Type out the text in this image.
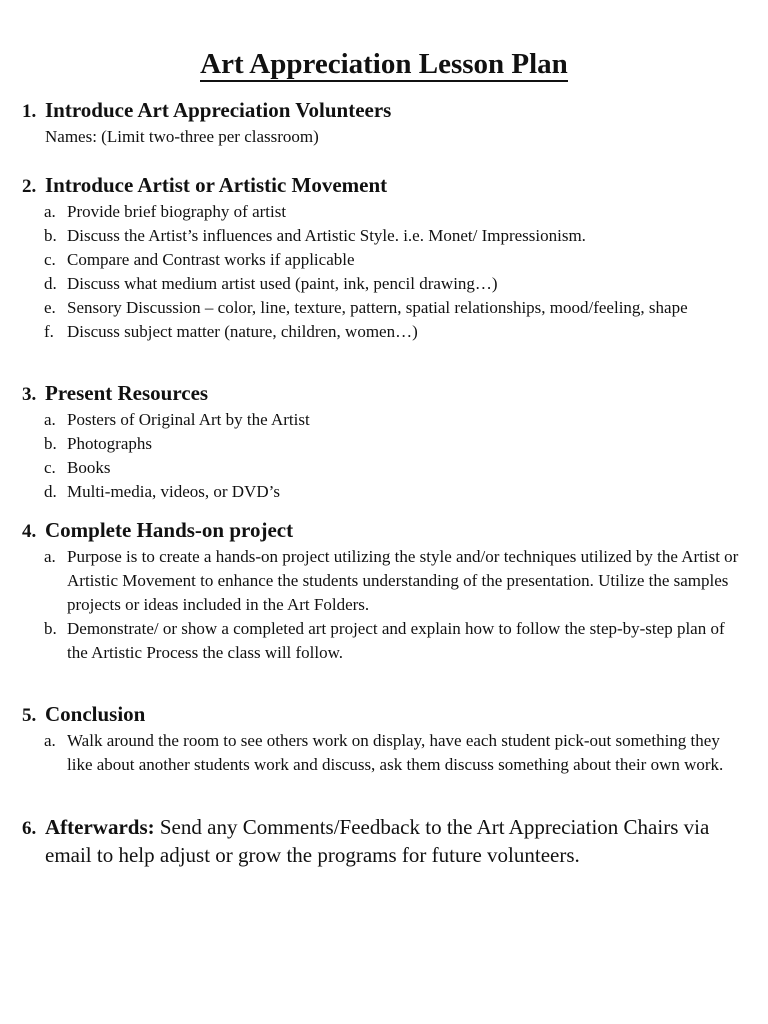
Art Appreciation Lesson Plan
1. Introduce Art Appreciation Volunteers
Names: (Limit two-three per classroom)
2. Introduce Artist or Artistic Movement
a. Provide brief biography of artist
b. Discuss the Artist’s influences and Artistic Style. i.e. Monet/ Impressionism.
c. Compare and Contrast works if applicable
d. Discuss what medium artist used (paint, ink, pencil drawing…)
e. Sensory Discussion – color, line, texture, pattern, spatial relationships, mood/feeling, shape
f. Discuss subject matter (nature, children, women…)
3. Present Resources
a. Posters of Original Art by the Artist
b. Photographs
c. Books
d. Multi-media, videos, or DVD’s
4. Complete Hands-on project
a. Purpose is to create a hands-on project utilizing the style and/or techniques utilized by the Artist or Artistic Movement to enhance the students understanding of the presentation. Utilize the samples projects or ideas included in the Art Folders.
b. Demonstrate/ or show a completed art project and explain how to follow the step-by-step plan of the Artistic Process the class will follow.
5. Conclusion
a. Walk around the room to see others work on display, have each student pick-out something they like about another students work and discuss, ask them discuss something about their own work.
6. Afterwards: Send any Comments/Feedback to the Art Appreciation Chairs via email to help adjust or grow the programs for future volunteers.
